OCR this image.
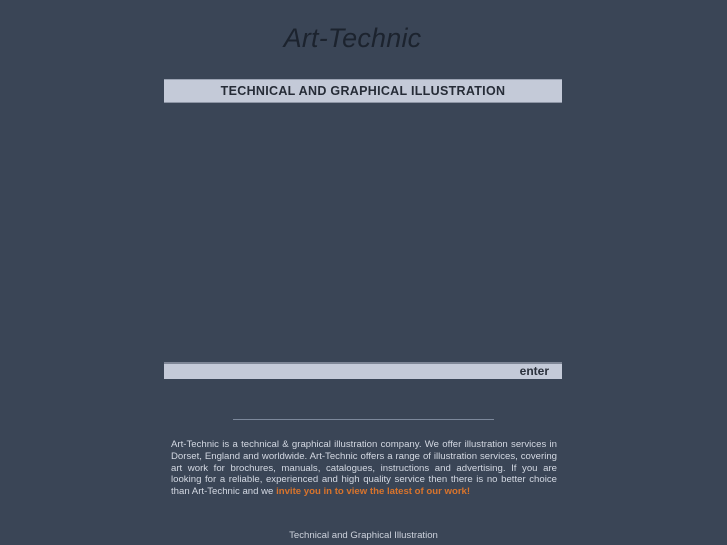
Art-Technic
TECHNICAL AND GRAPHICAL ILLUSTRATION
enter

Art-Technic is a technical & graphical illustration company. We offer illustration services in Dorset, England and worldwide. Art-Technic offers a range of illustration services, covering art work for brochures, manuals, catalogues, instructions and advertising. If you are looking for a reliable, experienced and high quality service then there is no better choice than Art-Technic and we invite you in to view the latest of our work!

Technical and Graphical Illustration
